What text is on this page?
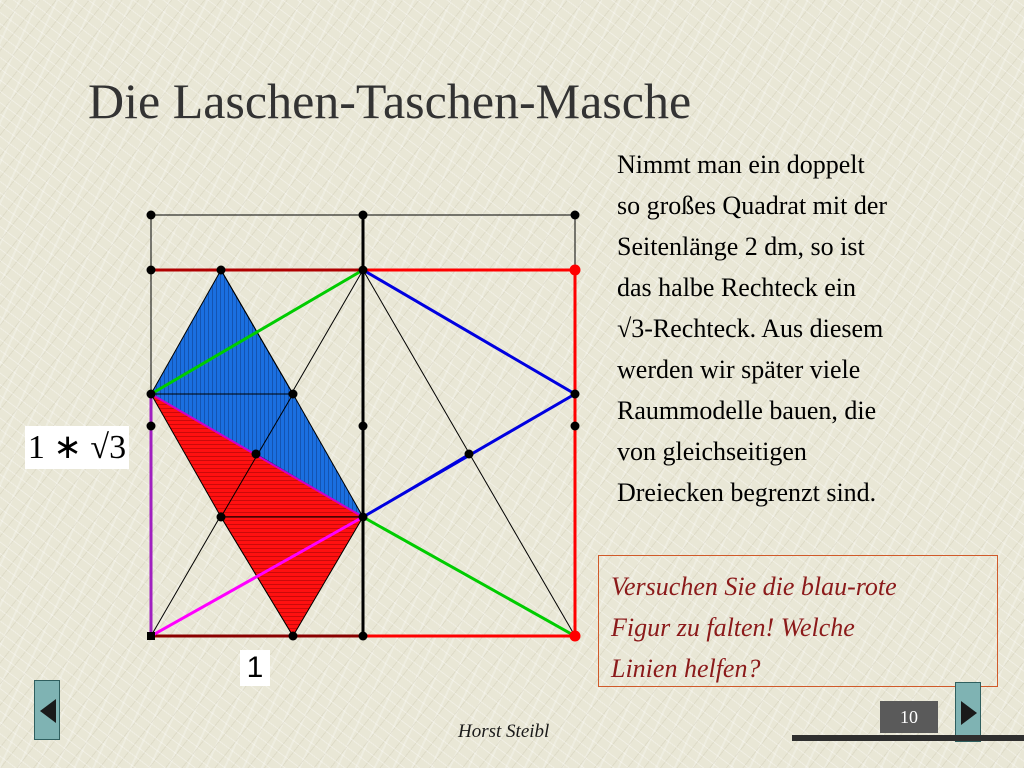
Die Laschen-Taschen-Masche
1 ∗ √3
1
Nimmt man ein doppelt
so großes Quadrat mit der
Seitenlänge 2 dm, so ist
das halbe Rechteck ein
√3-Rechteck. Aus diesem
werden wir später viele
Raummodelle bauen, die
von gleichseitigen
Dreiecken begrenzt sind.
Versuchen Sie die blau-rote
Figur zu falten! Welche
Linien helfen?
10
Horst Steibl
